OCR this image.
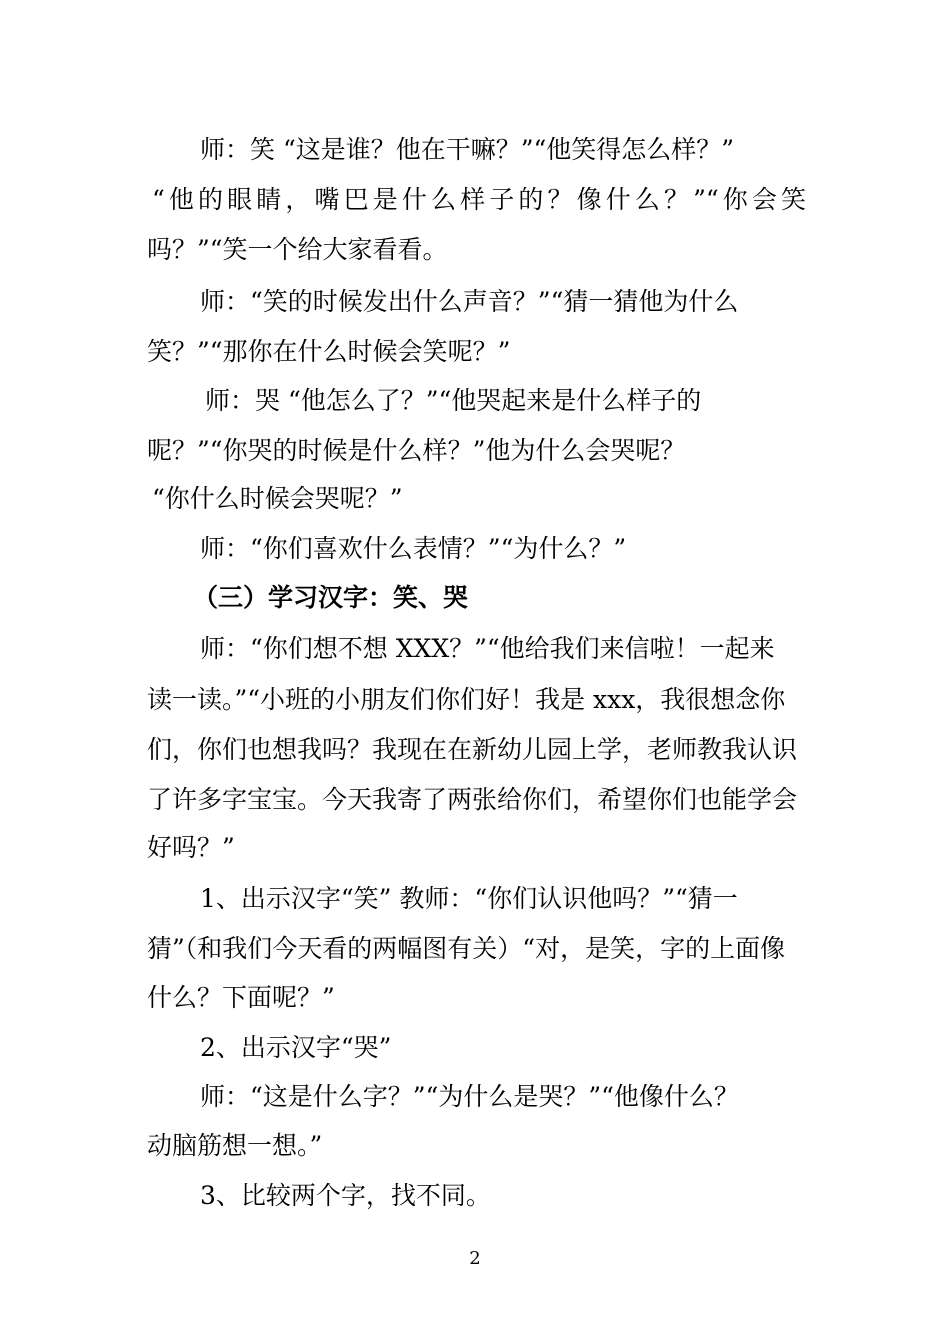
师：笑 “这是谁？他在干嘛？”“他笑得怎么样？”
“他的眼睛，嘴巴是什么样子的？像什么？”“你会笑
吗？”“笑一个给大家看看。
师：“笑的时候发出什么声音？”“猜一猜他为什么
笑？”“那你在什么时候会笑呢？”
师：哭 “他怎么了？”“他哭起来是什么样子的
呢？”“你哭的时候是什么样？”他为什么会哭呢？
“你什么时候会哭呢？”
师：“你们喜欢什么表情？”“为什么？”
（三）学习汉字：笑、哭
师：“你们想不想 XXX？”“他给我们来信啦！一起来
读一读。”“小班的小朋友们你们好！我是 xxx，我很想念你
们，你们也想我吗？我现在在新幼儿园上学，老师教我认识
了许多字宝宝。今天我寄了两张给你们，希望你们也能学会
好吗？”
1、出示汉字“笑” 教师：“你们认识他吗？”“猜一
猜”（和我们今天看的两幅图有关）“对，是笑，字的上面像
什么？下面呢？”
2、出示汉字“哭”
师：“这是什么字？”“为什么是哭？”“他像什么？
动脑筋想一想。”
3、比较两个字，找不同。
2
